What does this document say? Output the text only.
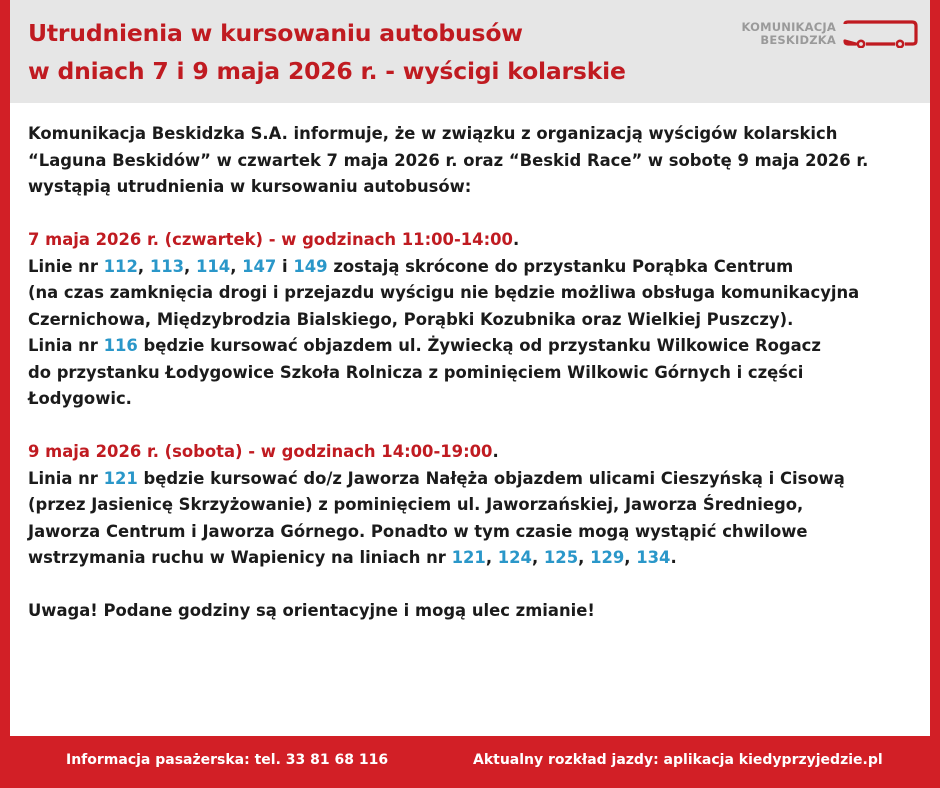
Utrudnienia w kursowaniu autobusów
w dniach 7 i 9 maja 2026 r. - wyścigi kolarskie
KOMUNIKACJA
BESKIDZKA

Komunikacja Beskidzka S.A. informuje, że w związku z organizacją wyścigów kolarskich

“Laguna Beskidów” w czwartek 7 maja 2026 r. oraz “Beskid Race” w sobotę 9 maja 2026 r.

wystąpią utrudnienia w kursowaniu autobusów:

7 maja 2026 r. (czwartek) - w godzinach 11:00-14:00.

Linie nr 112, 113, 114, 147 i 149 zostają skrócone do przystanku Porąbka Centrum

(na czas zamknięcia drogi i przejazdu wyścigu nie będzie możliwa obsługa komunikacyjna

Czernichowa, Międzybrodzia Bialskiego, Porąbki Kozubnika oraz Wielkiej Puszczy).

Linia nr 116 będzie kursować objazdem ul. Żywiecką od przystanku Wilkowice Rogacz

do przystanku Łodygowice Szkoła Rolnicza z pominięciem Wilkowic Górnych i części

Łodygowic.

9 maja 2026 r. (sobota) - w godzinach 14:00-19:00.

Linia nr 121 będzie kursować do/z Jaworza Nałęża objazdem ulicami Cieszyńską i Cisową

(przez Jasienicę Skrzyżowanie) z pominięciem ul. Jaworzańskiej, Jaworza Średniego,

Jaworza Centrum i Jaworza Górnego. Ponadto w tym czasie mogą wystąpić chwilowe

wstrzymania ruchu w Wapienicy na liniach nr 121, 124, 125, 129, 134.

Uwaga! Podane godziny są orientacyjne i mogą ulec zmianie!

Informacja pasażerska: tel. 33 81 68 116	Aktualny rozkład jazdy: aplikacja kiedyprzyjedzie.pl
